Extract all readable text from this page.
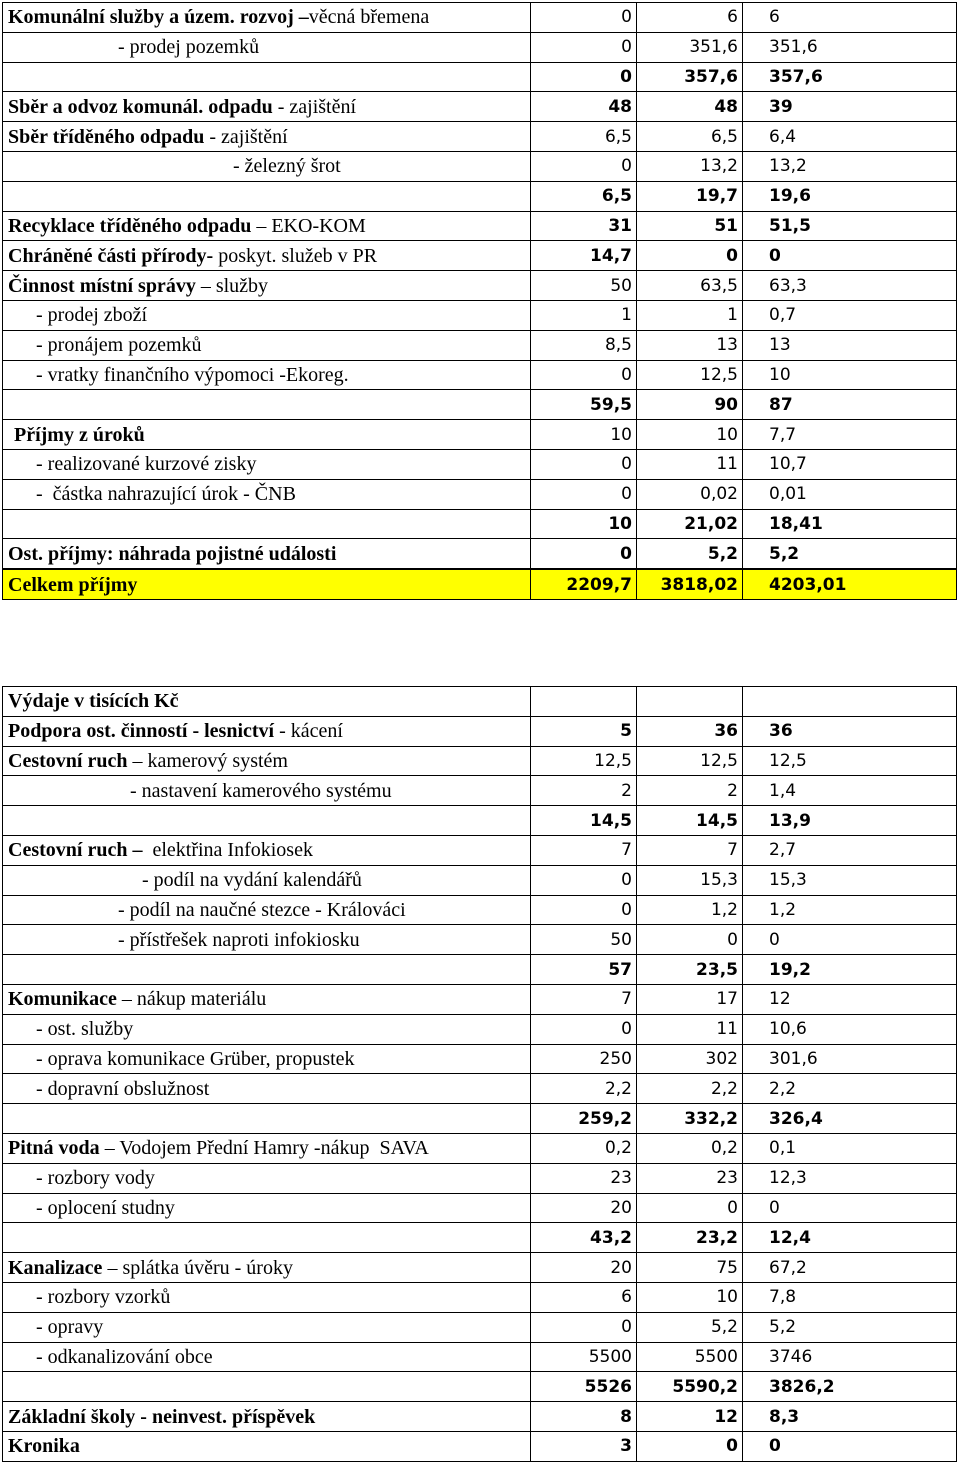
Komunální služby a územ. rozvoj –věcná břemena	0	6	6
- prodej pozemků	0	351,6	351,6
	0	357,6	357,6
Sběr a odvoz komunál. odpadu - zajištění	48	48	39
Sběr tříděného odpadu - zajištění	6,5	6,5	6,4
- železný šrot	0	13,2	13,2
	6,5	19,7	19,6
Recyklace tříděného odpadu – EKO-KOM	31	51	51,5
Chráněné části přírody- poskyt. služeb v PR	14,7	0	0
Činnost místní správy – služby	50	63,5	63,3
- prodej zboží	1	1	0,7
- pronájem pozemků	8,5	13	13
- vratky finančního výpomoci -Ekoreg.	0	12,5	10
	59,5	90	87
Příjmy z úroků	10	10	7,7
- realizované kurzové zisky	0	11	10,7
-  částka nahrazující úrok - ČNB	0	0,02	0,01
	10	21,02	18,41
Ost. příjmy: náhrada pojistné události	0	5,2	5,2
Celkem příjmy	2209,7	3818,02	4203,01
Výdaje v tisících Kč			
Podpora ost. činností - lesnictví - kácení	5	36	36
Cestovní ruch – kamerový systém	12,5	12,5	12,5
- nastavení kamerového systému	2	2	1,4
	14,5	14,5	13,9
Cestovní ruch –  elektřina Infokiosek	7	7	2,7
- podíl na vydání kalendářů	0	15,3	15,3
- podíl na naučné stezce - Králováci	0	1,2	1,2
- přístřešek naproti infokiosku	50	0	0
	57	23,5	19,2
Komunikace – nákup materiálu	7	17	12
- ost. služby	0	11	10,6
- oprava komunikace Grüber, propustek	250	302	301,6
- dopravní obslužnost	2,2	2,2	2,2
	259,2	332,2	326,4
Pitná voda – Vodojem Přední Hamry -nákup  SAVA	0,2	0,2	0,1
- rozbory vody	23	23	12,3
- oplocení studny	20	0	0
	43,2	23,2	12,4
Kanalizace – splátka úvěru - úroky	20	75	67,2
- rozbory vzorků	6	10	7,8
- opravy	0	5,2	5,2
- odkanalizování obce	5500	5500	3746
	5526	5590,2	3826,2
Základní školy - neinvest. příspěvek	8	12	8,3
Kronika	3	0	0
